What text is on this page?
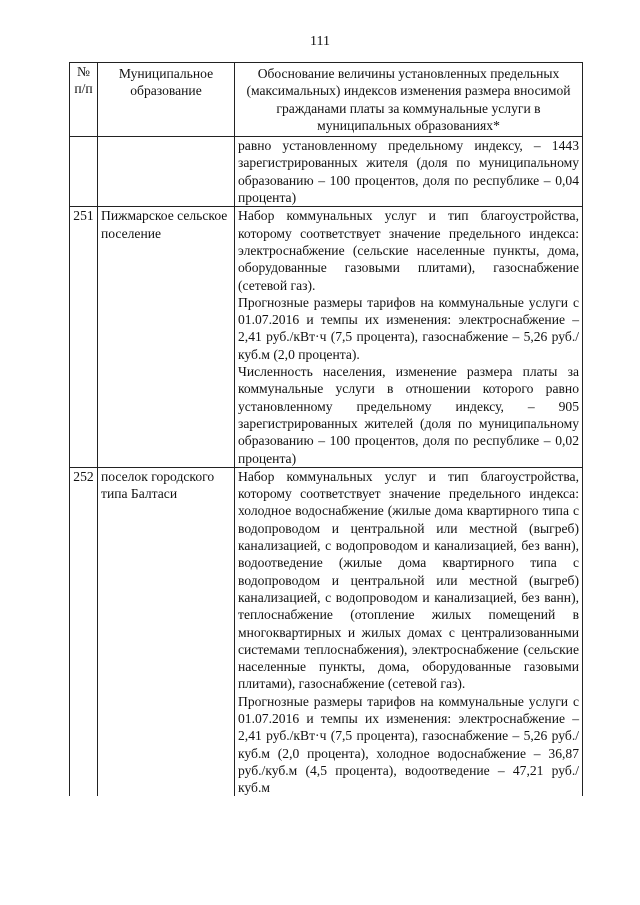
111
№ п/п	Муниципальное образование	Обоснование величины установленных предельных (максимальных) индексов изменения размера вносимой гражданами платы за коммунальные услуги в муниципальных образованиях*

		равно установленному предельному индексу, – 1443 зарегистрированных жителя (доля по муниципальному образованию – 100 процентов, доля по республике – 0,04 процента)

251	Пижмарское сельское поселение	Набор коммунальных услуг и тип благоустройства, которому соответствует значение предельного индекса: электроснабжение (сельские населенные пункты, дома, оборудованные газовыми плитами), газоснабжение (сетевой газ).

Прогнозные размеры тарифов на коммунальные услуги с 01.07.2016 и темпы их изменения: электроснабжение – 2,41 руб./кВт·ч (7,5 процента), газоснабжение – 5,26 руб./куб.м (2,0 процента).

Численность населения, изменение размера платы за коммунальные услуги в отношении которого равно установленному предельному индексу, – 905 зарегистрированных жителей (доля по муниципальному образованию – 100 процентов, доля по республике – 0,02 процента)

252	поселок городского типа Балтаси	Набор коммунальных услуг и тип благоустройства, которому соответствует значение предельного индекса: холодное водоснабжение (жилые дома квартирного типа с водопроводом и центральной или местной (выгреб) канализацией, с водопроводом и канализацией, без ванн), водоотведение (жилые дома квартирного типа с водопроводом и центральной или местной (выгреб) канализацией, с водопроводом и канализацией, без ванн), теплоснабжение (отопление жилых помещений в многоквартирных и жилых домах с централизованными системами теплоснабжения), электроснабжение (сельские населенные пункты, дома, оборудованные газовыми плитами), газоснабжение (сетевой газ).

Прогнозные размеры тарифов на коммунальные услуги с 01.07.2016 и темпы их изменения: электроснабжение – 2,41 руб./кВт·ч (7,5 процента), газоснабжение – 5,26 руб./куб.м (2,0 процента), холодное водоснабжение – 36,87 руб./куб.м (4,5 процента), водоотведение – 47,21 руб./куб.м
